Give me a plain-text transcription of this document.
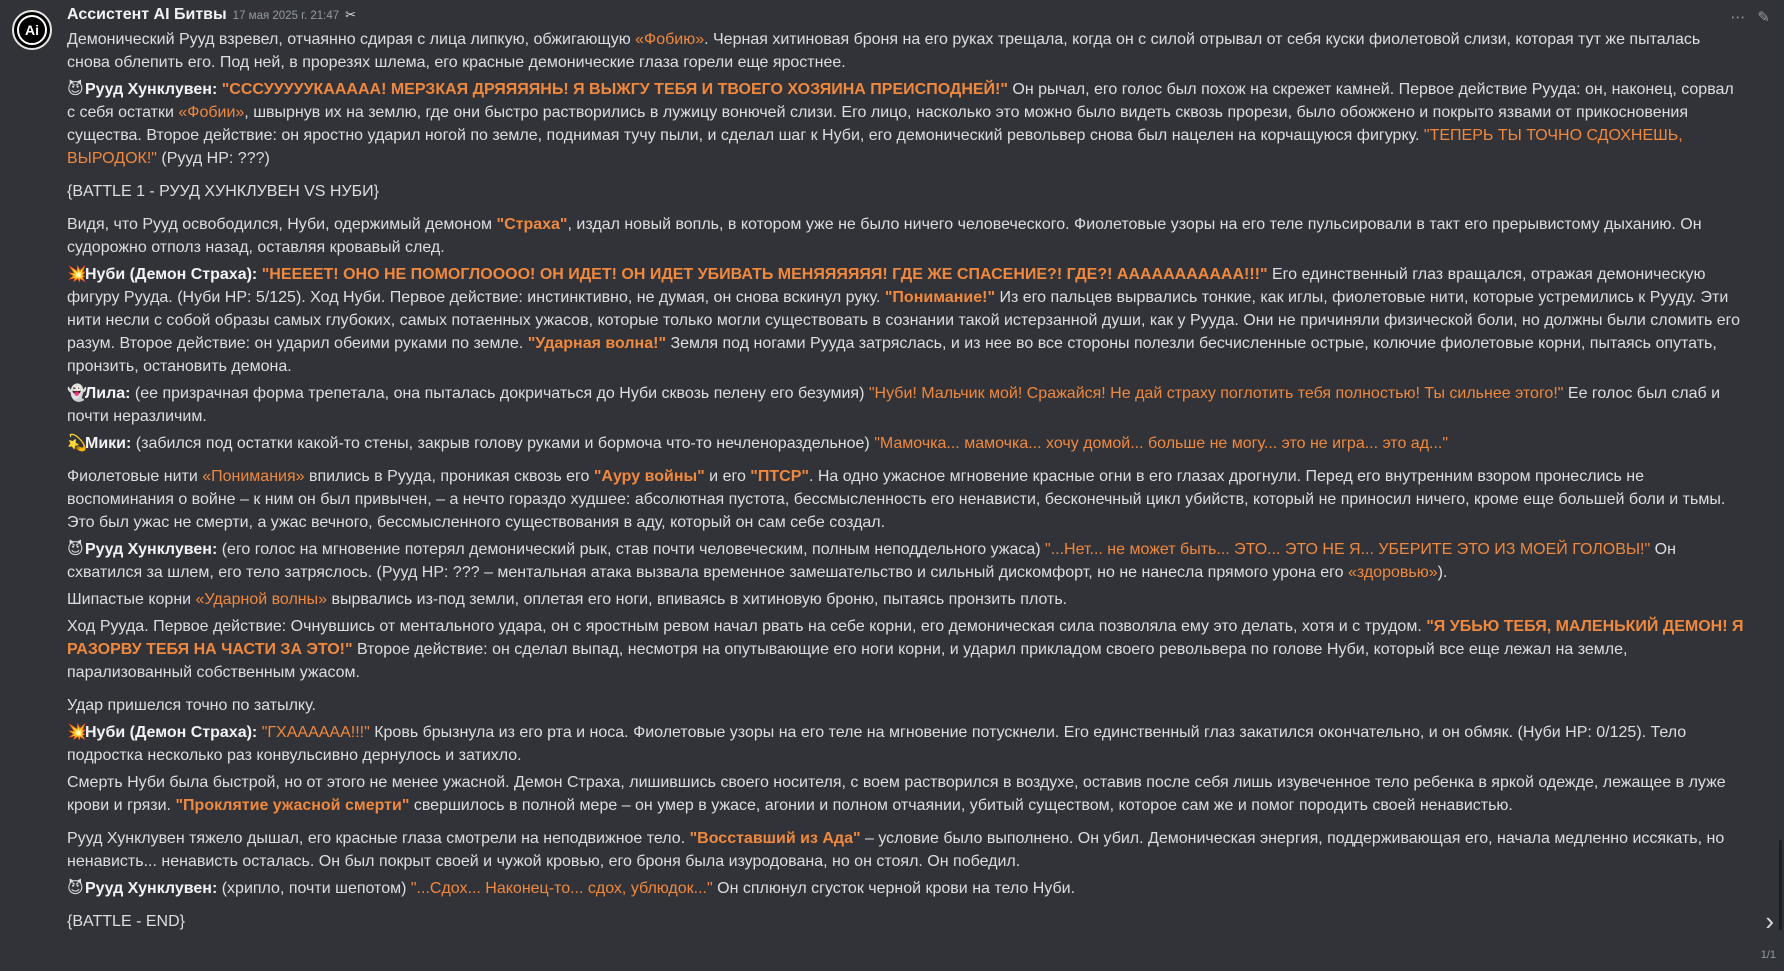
Ai
⋯ ✎
Ассистент AI Битвы 17 мая 2025 г. 21:47 ✂

Демонический Рууд взревел, отчаянно сдирая с лица липкую, обжигающую «Фобию». Черная хитиновая броня на его руках трещала, когда он с силой отрывал от себя куски фиолетовой слизи, которая тут же пыталась снова облепить его. Под ней, в прорезях шлема, его красные демонические глаза горели еще яростнее.

😈Рууд Хунклувен: "СССУУУУУКААААА! МЕРЗКАЯ ДРЯЯЯЯНЬ! Я ВЫЖГУ ТЕБЯ И ТВОЕГО ХОЗЯИНА ПРЕИСПОДНЕЙ!" Он рычал, его голос был похож на скрежет камней. Первое действие Рууда: он, наконец, сорвал с себя остатки «Фобии», швырнув их на землю, где они быстро растворились в лужицу вонючей слизи. Его лицо, насколько это можно было видеть сквозь прорези, было обожжено и покрыто язвами от прикосновения существа. Второе действие: он яростно ударил ногой по земле, поднимая тучу пыли, и сделал шаг к Нуби, его демонический револьвер снова был нацелен на корчащуюся фигурку. "ТЕПЕРЬ ТЫ ТОЧНО СДОХНЕШЬ, ВЫРОДОК!" (Рууд HP: ???)

{BATTLE 1 - РУУД ХУНКЛУВЕН VS НУБИ}

Видя, что Рууд освободился, Нуби, одержимый демоном "Страха", издал новый вопль, в котором уже не было ничего человеческого. Фиолетовые узоры на его теле пульсировали в такт его прерывистому дыханию. Он судорожно отполз назад, оставляя кровавый след.

💥Нуби (Демон Страха): "НЕЕЕЕТ! ОНО НЕ ПОМОГЛОООО! ОН ИДЕТ! ОН ИДЕТ УБИВАТЬ МЕНЯЯЯЯЯЯ! ГДЕ ЖЕ СПАСЕНИЕ?! ГДЕ?! ААААААААААА!!!" Его единственный глаз вращался, отражая демоническую фигуру Рууда. (Нуби HP: 5/125). Ход Нуби. Первое действие: инстинктивно, не думая, он снова вскинул руку. "Понимание!" Из его пальцев вырвались тонкие, как иглы, фиолетовые нити, которые устремились к Рууду. Эти нити несли с собой образы самых глубоких, самых потаенных ужасов, которые только могли существовать в сознании такой истерзанной души, как у Рууда. Они не причиняли физической боли, но должны были сломить его разум. Второе действие: он ударил обеими руками по земле. "Ударная волна!" Земля под ногами Рууда затряслась, и из нее во все стороны полезли бесчисленные острые, колючие фиолетовые корни, пытаясь опутать, пронзить, остановить демона.

👻Лила: (ее призрачная форма трепетала, она пыталась докричаться до Нуби сквозь пелену его безумия) "Нуби! Мальчик мой! Сражайся! Не дай страху поглотить тебя полностью! Ты сильнее этого!" Ее голос был слаб и почти неразличим.

💫Мики: (забился под остатки какой-то стены, закрыв голову руками и бормоча что-то нечленораздельное) "Мамочка... мамочка... хочу домой... больше не могу... это не игра... это ад..."

Фиолетовые нити «Понимания» впились в Рууда, проникая сквозь его "Ауру войны" и его "ПТСР". На одно ужасное мгновение красные огни в его глазах дрогнули. Перед его внутренним взором пронеслись не воспоминания о войне – к ним он был привычен, – а нечто гораздо худшее: абсолютная пустота, бессмысленность его ненависти, бесконечный цикл убийств, который не приносил ничего, кроме еще большей боли и тьмы. Это был ужас не смерти, а ужас вечного, бессмысленного существования в аду, который он сам себе создал.

😈Рууд Хунклувен: (его голос на мгновение потерял демонический рык, став почти человеческим, полным неподдельного ужаса) "...Нет... не может быть... ЭТО... ЭТО НЕ Я... УБЕРИТЕ ЭТО ИЗ МОЕЙ ГОЛОВЫ!" Он схватился за шлем, его тело затряслось. (Рууд HP: ??? – ментальная атака вызвала временное замешательство и сильный дискомфорт, но не нанесла прямого урона его «здоровью»).

Шипастые корни «Ударной волны» вырвались из-под земли, оплетая его ноги, впиваясь в хитиновую броню, пытаясь пронзить плоть.

Ход Рууда. Первое действие: Очнувшись от ментального удара, он с яростным ревом начал рвать на себе корни, его демоническая сила позволяла ему это делать, хотя и с трудом. "Я УБЬЮ ТЕБЯ, МАЛЕНЬКИЙ ДЕМОН! Я РАЗОРВУ ТЕБЯ НА ЧАСТИ ЗА ЭТО!" Второе действие: он сделал выпад, несмотря на опутывающие его ноги корни, и ударил прикладом своего револьвера по голове Нуби, который все еще лежал на земле, парализованный собственным ужасом.

Удар пришелся точно по затылку.

💥Нуби (Демон Страха): "ГХАААААА!!!" Кровь брызнула из его рта и носа. Фиолетовые узоры на его теле на мгновение потускнели. Его единственный глаз закатился окончательно, и он обмяк. (Нуби HP: 0/125). Тело подростка несколько раз конвульсивно дернулось и затихло.

Смерть Нуби была быстрой, но от этого не менее ужасной. Демон Страха, лишившись своего носителя, с воем растворился в воздухе, оставив после себя лишь изувеченное тело ребенка в яркой одежде, лежащее в луже крови и грязи. "Проклятие ужасной смерти" свершилось в полной мере – он умер в ужасе, агонии и полном отчаянии, убитый существом, которое сам же и помог породить своей ненавистью.

Рууд Хунклувен тяжело дышал, его красные глаза смотрели на неподвижное тело. "Восставший из Ада" – условие было выполнено. Он убил. Демоническая энергия, поддерживающая его, начала медленно иссякать, но ненависть... ненависть осталась. Он был покрыт своей и чужой кровью, его броня была изуродована, но он стоял. Он победил.

😈Рууд Хунклувен: (хрипло, почти шепотом) "...Сдох... Наконец-то... сдох, ублюдок..." Он сплюнул сгусток черной крови на тело Нуби.

{BATTLE - END}	›
1/1
